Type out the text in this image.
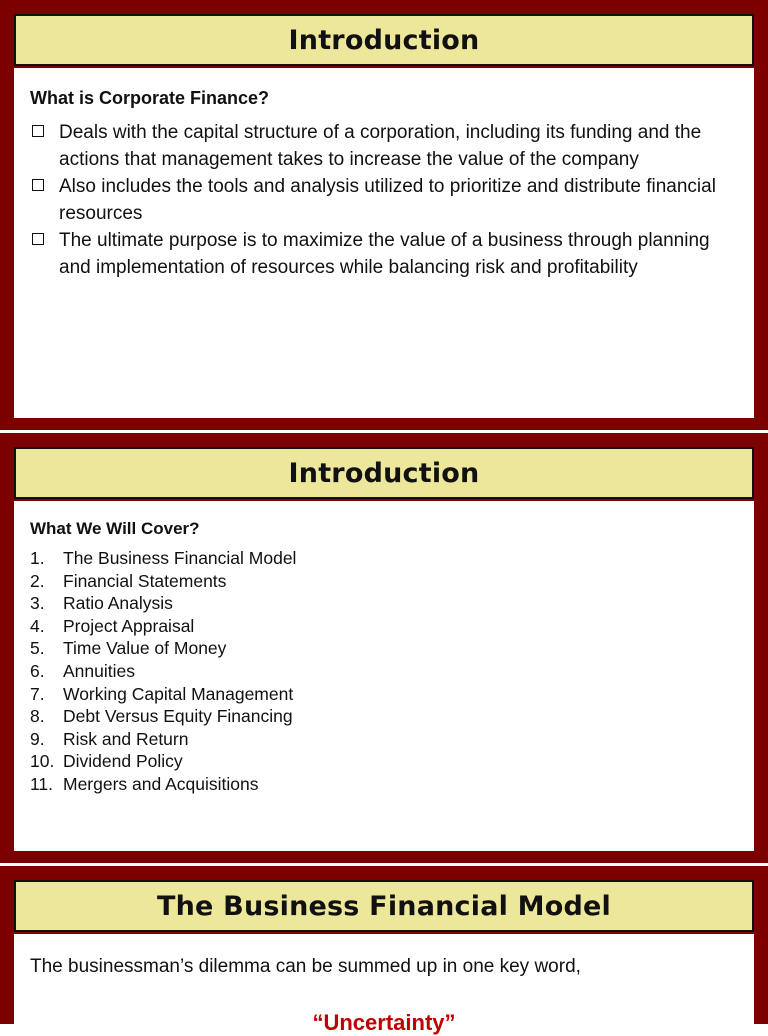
Introduction

What is Corporate Finance?

Deals with the capital structure of a corporation, including its funding and the actions that management takes to increase the value of the company
Also includes the tools and analysis utilized to prioritize and distribute financial resources
The ultimate purpose is to maximize the value of a business through planning and implementation of resources while balancing risk and profitability
Introduction

What We Will Cover?

1.	The Business Financial Model
2.	Financial Statements
3.	Ratio Analysis
4.	Project Appraisal
5.	Time Value of Money
6.	Annuities
7.	Working Capital Management
8.	Debt Versus Equity Financing
9.	Risk and Return
10. Dividend Policy
11. Mergers and Acquisitions
The Business Financial Model

The businessman’s dilemma can be summed up in one key word,

“Uncertainty”
